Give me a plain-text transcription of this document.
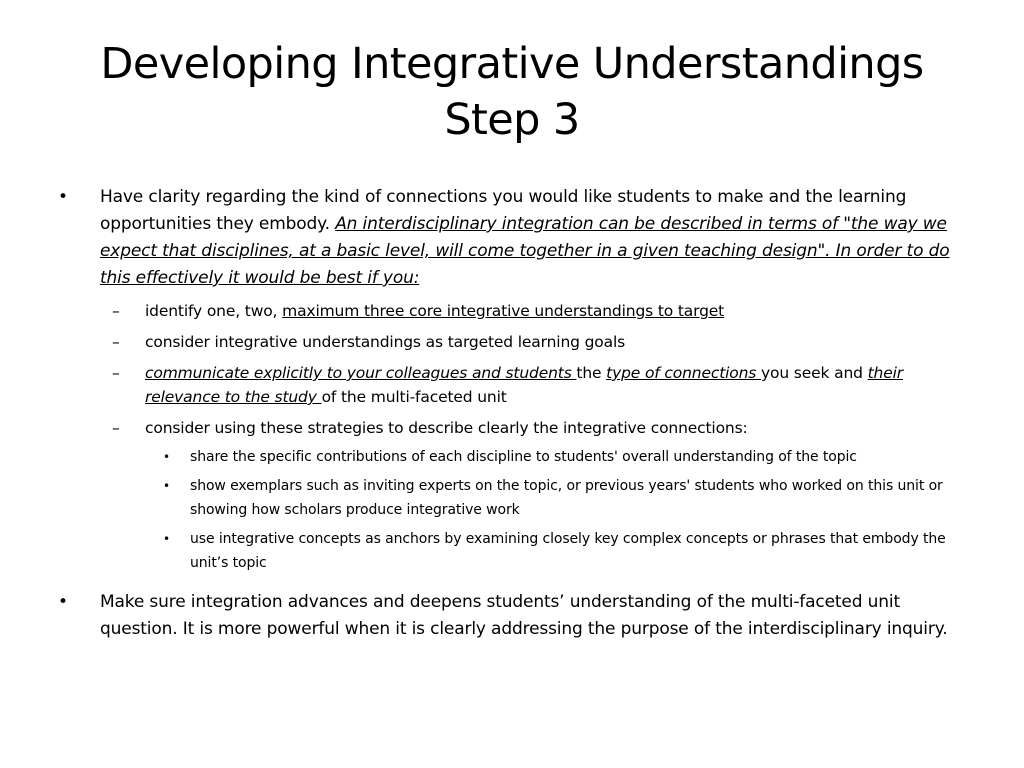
Developing Integrative Understandings
Step 3
• Have clarity regarding the kind of connections you would like students to make and the learning opportunities they embody. An interdisciplinary integration can be described in terms of "the way we expect that disciplines, at a basic level, will come together in a given teaching design". In order to do this effectively it would be best if you:
– identify one, two, maximum three core integrative understandings to target
– consider integrative understandings as targeted learning goals
– communicate explicitly to your colleagues and students the type of connections you seek and their relevance to the study of the multi-faceted unit
– consider using these strategies to describe clearly the integrative connections:
• share the specific contributions of each discipline to students' overall understanding of the topic
• show exemplars such as inviting experts on the topic, or previous years' students who worked on this unit or showing how scholars produce integrative work
• use integrative concepts as anchors by examining closely key complex concepts or phrases that embody the unit’s topic
• Make sure integration advances and deepens students’ understanding of the multi-faceted unit question. It is more powerful when it is clearly addressing the purpose of the interdisciplinary inquiry.
